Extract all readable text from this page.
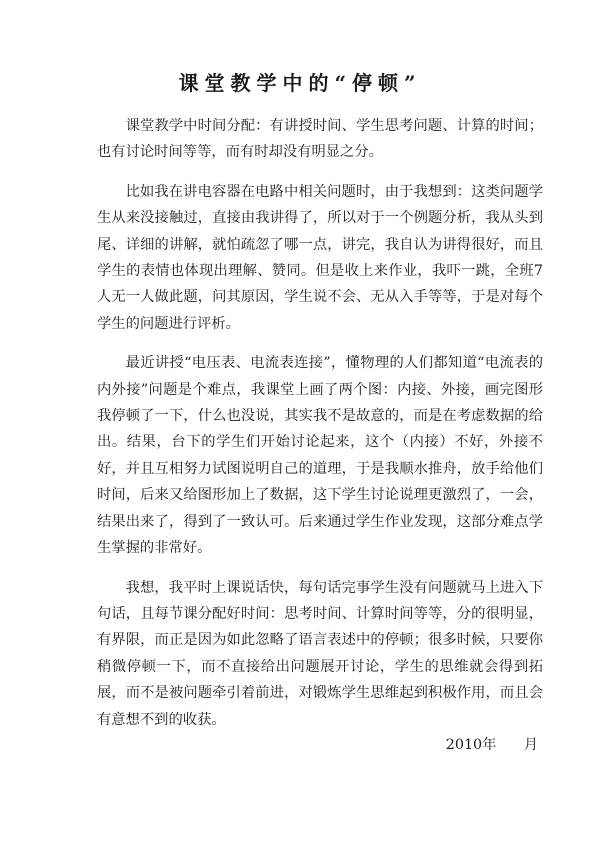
课堂教学中的“停顿”

课堂教学中时间分配：有讲授时间、学生思考问题、计算的时间；也有讨论时间等等，而有时却没有明显之分。

比如我在讲电容器在电路中相关问题时，由于我想到：这类问题学生从来没接触过，直接由我讲得了，所以对于一个例题分析，我从头到尾、详细的讲解，就怕疏忽了哪一点，讲完，我自认为讲得很好，而且学生的表情也体现出理解、赞同。但是收上来作业，我吓一跳，全班7人无一人做此题，问其原因，学生说不会、无从入手等等，于是对每个学生的问题进行评析。

最近讲授“电压表、电流表连接”，懂物理的人们都知道“电流表的内外接”问题是个难点，我课堂上画了两个图：内接、外接，画完图形我停顿了一下，什么也没说，其实我不是故意的，而是在考虑数据的给出。结果，台下的学生们开始讨论起来，这个（内接）不好，外接不好，并且互相努力试图说明自己的道理，于是我顺水推舟，放手给他们时间，后来又给图形加上了数据，这下学生讨论说理更激烈了，一会，结果出来了，得到了一致认可。后来通过学生作业发现，这部分难点学生掌握的非常好。

我想，我平时上课说话快，每句话完事学生没有问题就马上进入下句话，且每节课分配好时间：思考时间、计算时间等等，分的很明显，有界限，而正是因为如此忽略了语言表述中的停顿；很多时候，只要你稍微停顿一下，而不直接给出问题展开讨论，学生的思维就会得到拓展，而不是被问题牵引着前进，对锻炼学生思维起到积极作用，而且会有意想不到的收获。

2010年      月
